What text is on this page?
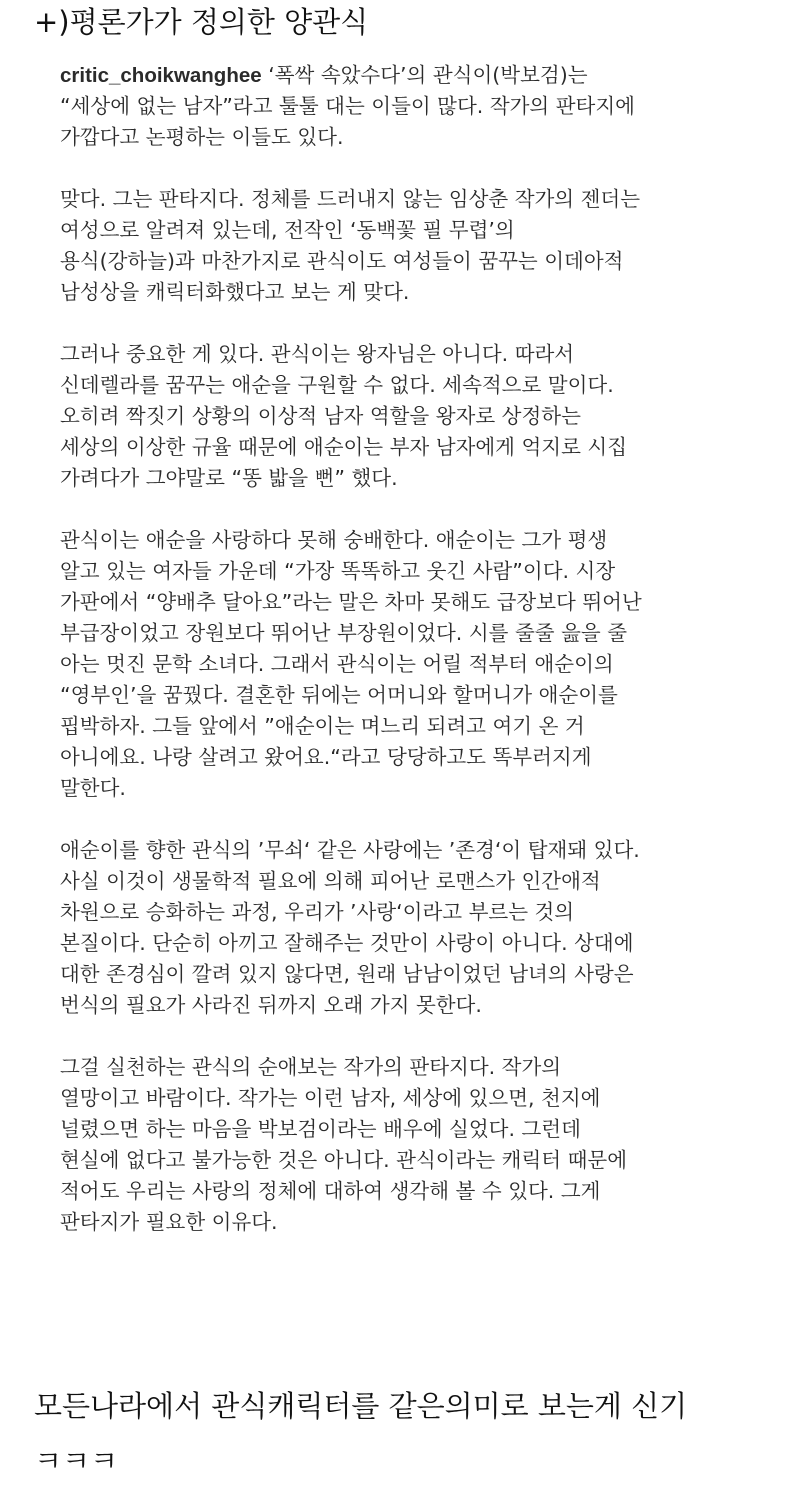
+)평론가가 정의한 양관식
critic_choikwanghee ‘폭싹 속았수다’의 관식이(박보검)는
“세상에 없는 남자”라고 툴툴 대는 이들이 많다. 작가의 판타지에
가깝다고 논평하는 이들도 있다.
맞다. 그는 판타지다. 정체를 드러내지 않는 임상춘 작가의 젠더는
여성으로 알려져 있는데, 전작인 ‘동백꽃 필 무렵’의
용식(강하늘)과 마찬가지로 관식이도 여성들이 꿈꾸는 이데아적
남성상을 캐릭터화했다고 보는 게 맞다.
그러나 중요한 게 있다. 관식이는 왕자님은 아니다. 따라서
신데렐라를 꿈꾸는 애순을 구원할 수 없다. 세속적으로 말이다.
오히려 짝짓기 상황의 이상적 남자 역할을 왕자로 상정하는
세상의 이상한 규율 때문에 애순이는 부자 남자에게 억지로 시집
가려다가 그야말로 “똥 밟을 뻔” 했다.
관식이는 애순을 사랑하다 못해 숭배한다. 애순이는 그가 평생
알고 있는 여자들 가운데 “가장 똑똑하고 웃긴 사람”이다. 시장
가판에서 “양배추 달아요”라는 말은 차마 못해도 급장보다 뛰어난
부급장이었고 장원보다 뛰어난 부장원이었다. 시를 줄줄 읊을 줄
아는 멋진 문학 소녀다. 그래서 관식이는 어릴 적부터 애순이의
“영부인’을 꿈꿨다. 결혼한 뒤에는 어머니와 할머니가 애순이를
핍박하자. 그들 앞에서 ”애순이는 며느리 되려고 여기 온 거
아니에요. 나랑 살려고 왔어요.“라고 당당하고도 똑부러지게
말한다.
애순이를 향한 관식의 ’무쇠‘ 같은 사랑에는 ’존경‘이 탑재돼 있다.
사실 이것이 생물학적 필요에 의해 피어난 로맨스가 인간애적
차원으로 승화하는 과정, 우리가 ’사랑‘이라고 부르는 것의
본질이다. 단순히 아끼고 잘해주는 것만이 사랑이 아니다. 상대에
대한 존경심이 깔려 있지 않다면, 원래 남남이었던 남녀의 사랑은
번식의 필요가 사라진 뒤까지 오래 가지 못한다.
그걸 실천하는 관식의 순애보는 작가의 판타지다. 작가의
열망이고 바람이다. 작가는 이런 남자, 세상에 있으면, 천지에
널렸으면 하는 마음을 박보검이라는 배우에 실었다. 그런데
현실에 없다고 불가능한 것은 아니다. 관식이라는 캐릭터 때문에
적어도 우리는 사랑의 정체에 대하여 생각해 볼 수 있다. 그게
판타지가 필요한 이유다.
모든나라에서 관식캐릭터를 같은의미로 보는게 신기
ㅋㅋㅋ
